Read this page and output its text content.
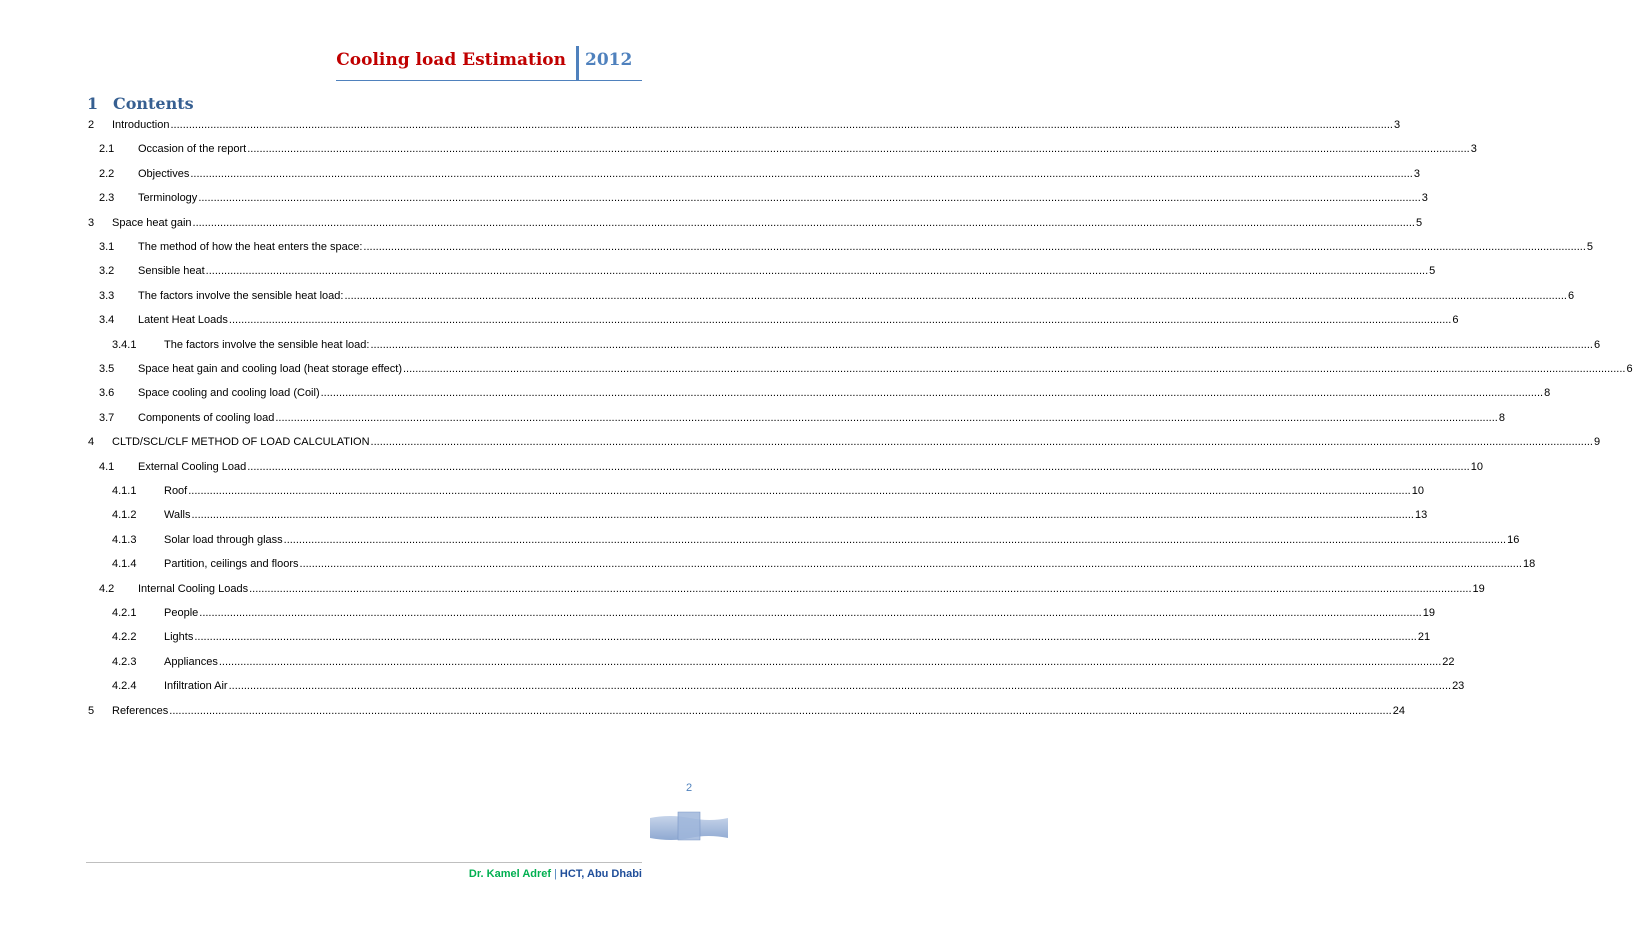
Cooling load Estimation 2012
1 Contents
2 Introduction ................................................................................................................................................................................................................................................................................................................................................................................................................ 3
2.1 Occasion of the report ................................................................................................................................................................................................................................................................................................................................................................................................................ 3
2.2 Objectives ................................................................................................................................................................................................................................................................................................................................................................................................................ 3
2.3 Terminology ................................................................................................................................................................................................................................................................................................................................................................................................................ 3
3 Space heat gain ................................................................................................................................................................................................................................................................................................................................................................................................................ 5
3.1 The method of how the heat enters the space: ................................................................................................................................................................................................................................................................................................................................................................................................................ 5
3.2 Sensible heat ................................................................................................................................................................................................................................................................................................................................................................................................................ 5
3.3 The factors involve the sensible heat load: ................................................................................................................................................................................................................................................................................................................................................................................................................ 6
3.4 Latent Heat Loads ................................................................................................................................................................................................................................................................................................................................................................................................................ 6
3.4.1	The factors involve the sensible heat load: ................................................................................................................................................................................................................................................................................................................................................................................................................ 6
3.5 Space heat gain and cooling load (heat storage effect) ................................................................................................................................................................................................................................................................................................................................................................................................................ 6
3.6 Space cooling and cooling load (Coil) ................................................................................................................................................................................................................................................................................................................................................................................................................ 8
3.7 Components of cooling load ................................................................................................................................................................................................................................................................................................................................................................................................................ 8
4 CLTD/SCL/CLF METHOD OF LOAD CALCULATION ................................................................................................................................................................................................................................................................................................................................................................................................................ 9
4.1 External Cooling Load ................................................................................................................................................................................................................................................................................................................................................................................................................ 10
4.1.1	Roof ................................................................................................................................................................................................................................................................................................................................................................................................................ 10
4.1.2	Walls ................................................................................................................................................................................................................................................................................................................................................................................................................ 13
4.1.3	Solar load through glass ................................................................................................................................................................................................................................................................................................................................................................................................................ 16
4.1.4	Partition, ceilings and floors ................................................................................................................................................................................................................................................................................................................................................................................................................ 18
4.2 Internal Cooling Loads ................................................................................................................................................................................................................................................................................................................................................................................................................ 19
4.2.1	People ................................................................................................................................................................................................................................................................................................................................................................................................................ 19
4.2.2	Lights ................................................................................................................................................................................................................................................................................................................................................................................................................ 21
4.2.3	Appliances ................................................................................................................................................................................................................................................................................................................................................................................................................ 22
4.2.4	Infiltration Air ................................................................................................................................................................................................................................................................................................................................................................................................................ 23
5 References ................................................................................................................................................................................................................................................................................................................................................................................................................ 24
2
Dr. Kamel Adref | HCT, Abu Dhabi
